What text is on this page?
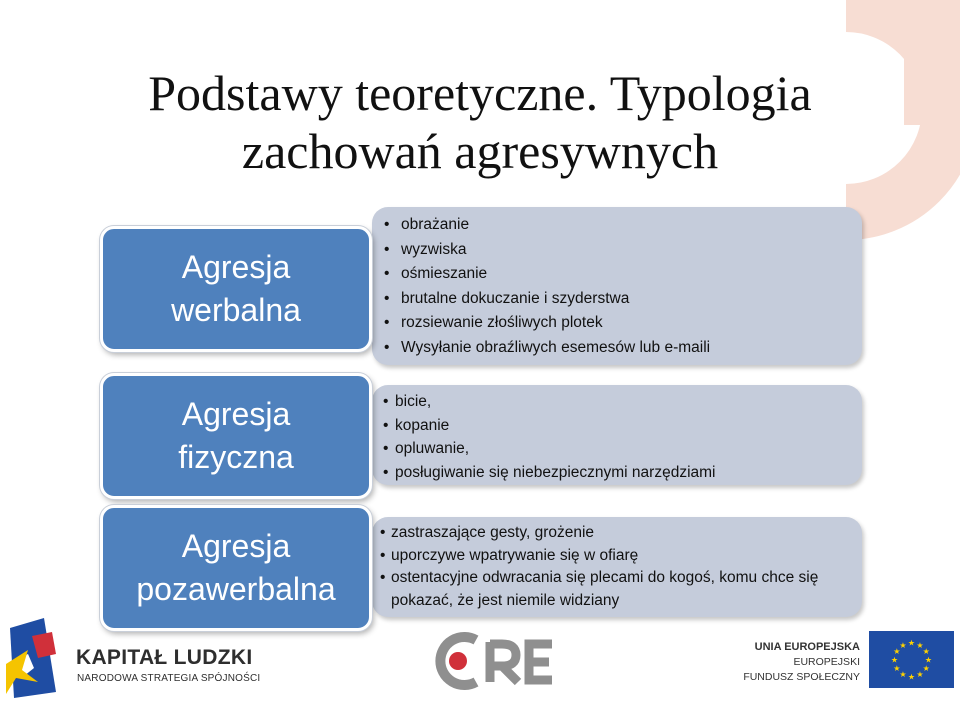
Podstawy teoretyczne. Typologia
zachowań agresywnych
• obrażanie
• wyzwiska
• ośmieszanie
• brutalne dokuczanie i szyderstwa
• rozsiewanie złośliwych plotek
• Wysyłanie obraźliwych esemesów lub e-maili
• bicie,
• kopanie
• opluwanie,
• posługiwanie się niebezpiecznymi narzędziami
• zastraszające gesty, grożenie
• uporczywe wpatrywanie się w ofiarę
• ostentacyjne odwracania się plecami do kogoś, komu chce się pokazać, że jest niemile widziany
Agresja
werbalna
Agresja
fizyczna
Agresja
pozawerbalna
KAPITAŁ LUDZKI
NARODOWA STRATEGIA SPÓJNOŚCI
UNIA EUROPEJSKA
EUROPEJSKI
FUNDUSZ SPOŁECZNY
★
★
★
★
★
★
★
★
★ ★ ★
★
